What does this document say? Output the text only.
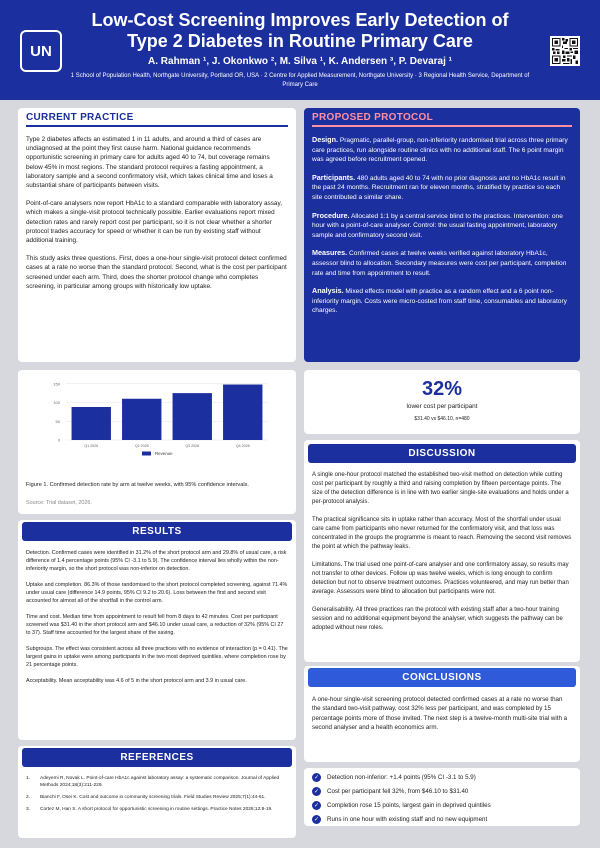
UN
Low-Cost Screening Improves Early Detection of Type 2 Diabetes in Routine Primary Care
A. Rahman ¹, J. Okonkwo ², M. Silva ¹, K. Andersen ³, P. Devaraj ¹
1 School of Population Health, Northgate University, Portland OR, USA · 2 Centre for Applied Measurement, Northgate University · 3 Regional Health Service, Department of Primary Care
CURRENT PRACTICE

Type 2 diabetes affects an estimated 1 in 11 adults, and around a third of cases are undiagnosed at the point they first cause harm. National guidance recommends opportunistic screening in primary care for adults aged 40 to 74, but coverage remains below 45% in most regions. The standard protocol requires a fasting appointment, a laboratory sample and a second confirmatory visit, which takes clinical time and loses a substantial share of participants between visits.

Point-of-care analysers now report HbA1c to a standard comparable with laboratory assay, which makes a single-visit protocol technically possible. Earlier evaluations report mixed detection rates and rarely report cost per participant, so it is not clear whether a shorter protocol trades accuracy for speed or whether it can be run by existing staff without additional training.

This study asks three questions. First, does a one-hour single-visit protocol detect confirmed cases at a rate no worse than the standard protocol. Second, what is the cost per participant screened under each arm. Third, does the shorter protocol change who completes screening, in particular among groups with historically low uptake.

PROPOSED PROTOCOL

Design. Pragmatic, parallel-group, non-inferiority randomised trial across three primary care practices, run alongside routine clinics with no additional staff. The 6 point margin was agreed before recruitment opened.

Participants. 480 adults aged 40 to 74 with no prior diagnosis and no HbA1c result in the past 24 months. Recruitment ran for eleven months, stratified by practice so each site contributed a similar share.

Procedure. Allocated 1:1 by a central service blind to the practices. Intervention: one hour with a point-of-care analyser. Control: the usual fasting appointment, laboratory sample and confirmatory second visit.

Measures. Confirmed cases at twelve weeks verified against laboratory HbA1c, assessor blind to allocation. Secondary measures were cost per participant, completion rate and time from appointment to result.

Analysis. Mixed effects model with practice as a random effect and a 6 point non-inferiority margin. Costs were micro-costed from staff time, consumables and laboratory charges.

0
50
100
150
Q1 2026	Q2 2026	Q3 2026	Q4 2026
Revenue
Figure 1. Confirmed detection rate by arm at twelve weeks, with 95% confidence intervals.
Source: Trial dataset, 2026.
32%
lower cost per participant
$31.40 vs $46.10, n=480
RESULTS

Detection. Confirmed cases were identified in 31.2% of the short protocol arm and 29.8% of usual care, a risk difference of 1.4 percentage points (95% CI -3.1 to 5.9). The confidence interval lies wholly within the non-inferiority margin, so the short protocol was non-inferior on detection.

Uptake and completion. 86.3% of those randomised to the short protocol completed screening, against 71.4% under usual care (difference 14.9 points, 95% CI 9.2 to 20.6). Loss between the first and second visit accounted for almost all of the shortfall in the control arm.

Time and cost. Median time from appointment to result fell from 8 days to 42 minutes. Cost per participant screened was $31.40 in the short protocol arm and $46.10 under usual care, a reduction of 32% (95% CI 27 to 37). Staff time accounted for the largest share of the saving.

Subgroups. The effect was consistent across all three practices with no evidence of interaction (p = 0.41). The largest gains in uptake were among participants in the two most deprived quintiles, where completion rose by 21 percentage points.

Acceptability. Mean acceptability was 4.6 of 5 in the short protocol arm and 3.9 in usual care.

REFERENCES
1.	Adeyemi R, Novak L. Point-of-care HbA1c against laboratory assay: a systematic comparison. Journal of Applied Methods 2024;18(3):211-229.
2.	Bianchi F, Osei K. Cost and outcome in community screening trials. Field Studies Review 2025;7(1):44-61.
3.	Cortez M, Han S. A short protocol for opportunistic screening in routine settings. Practice Notes 2026;12:8-19.
DISCUSSION

A single one-hour protocol matched the established two-visit method on detection while cutting cost per participant by roughly a third and raising completion by fifteen percentage points. The size of the detection difference is in line with two earlier single-site evaluations and holds under a per-protocol analysis.

The practical significance sits in uptake rather than accuracy. Most of the shortfall under usual care came from participants who never returned for the confirmatory visit, and that loss was concentrated in the groups the programme is meant to reach. Removing the second visit removes the point at which the pathway leaks.

Limitations. The trial used one point-of-care analyser and one confirmatory assay, so results may not transfer to other devices. Follow up was twelve weeks, which is long enough to confirm detection but not to observe treatment outcomes. Practices volunteered, and may run better than average. Assessors were blind to allocation but participants were not.

Generalisability. All three practices ran the protocol with existing staff after a two-hour training session and no additional equipment beyond the analyser, which suggests the pathway can be adopted without new roles.

CONCLUSIONS

A one-hour single-visit screening protocol detected confirmed cases at a rate no worse than the standard two-visit pathway, cost 32% less per participant, and was completed by 15 percentage points more of those invited. The next step is a twelve-month multi-site trial with a second analyser and a health economics arm.

✓	Detection non-inferior: +1.4 points (95% CI -3.1 to 5.9)
✓	Cost per participant fell 32%, from $46.10 to $31.40
✓	Completion rose 15 points, largest gain in deprived quintiles
✓	Runs in one hour with existing staff and no new equipment
